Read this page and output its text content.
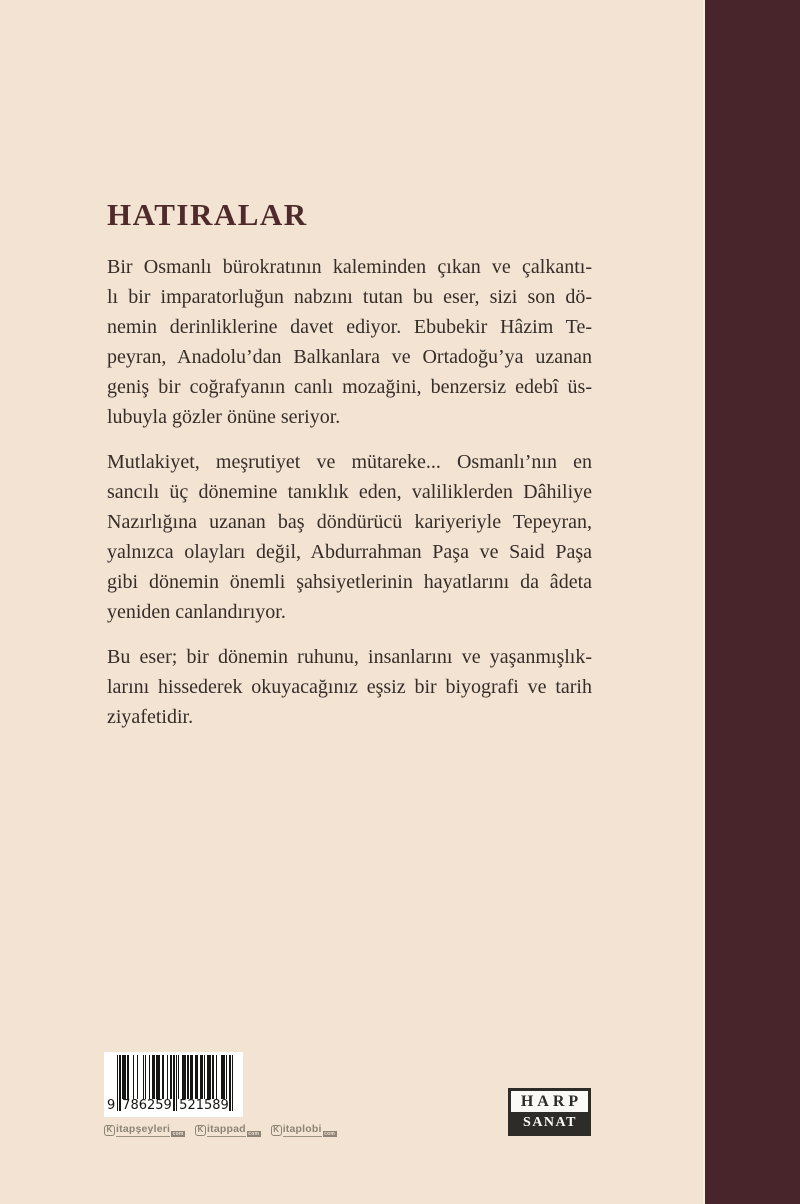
HATIRALAR
Bir Osmanlı bürokratının kaleminden çıkan ve çalkantı-
lı bir imparatorluğun nabzını tutan bu eser, sizi son dö-
nemin derinliklerine davet ediyor. Ebubekir Hâzim Te-
peyran, Anadolu’dan Balkanlara ve Ortadoğu’ya uzanan
geniş bir coğrafyanın canlı mozağini, benzersiz edebî üs-
lubuyla gözler önüne seriyor.
Mutlakiyet, meşrutiyet ve mütareke... Osmanlı’nın en
sancılı üç dönemine tanıklık eden, valiliklerden Dâhiliye
Nazırlığına uzanan baş döndürücü kariyeriyle Tepeyran,
yalnızca olayları değil, Abdurrahman Paşa ve Said Paşa
gibi dönemin önemli şahsiyetlerinin hayatlarını da âdeta
yeniden canlandırıyor.
Bu eser; bir dönemin ruhunu, insanlarını ve yaşanmışlık-
larını hissederek okuyacağınız eşsiz bir biyografi ve tarih
ziyafetidir.
9 786259 521589
K itapşeyleri com
K itappad com
K itaplobi com
HARP
SANAT
